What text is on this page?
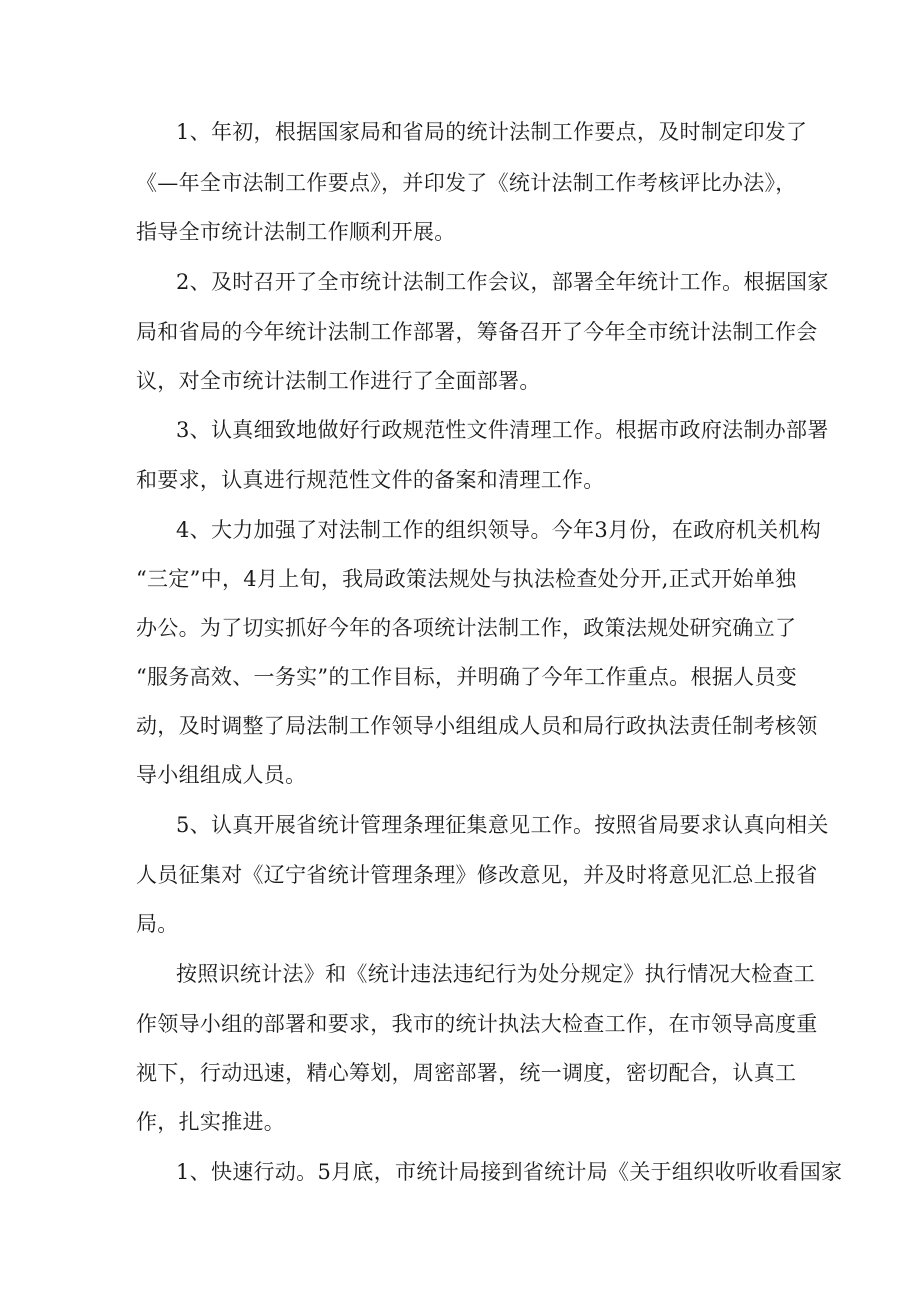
1、年初，根据国家局和省局的统计法制工作要点，及时制定印发了
《—年全市法制工作要点》，并印发了《统计法制工作考核评比办法》，
指导全市统计法制工作顺利开展。
2、及时召开了全市统计法制工作会议，部署全年统计工作。根据国家
局和省局的今年统计法制工作部署，筹备召开了今年全市统计法制工作会
议，对全市统计法制工作进行了全面部署。
3、认真细致地做好行政规范性文件清理工作。根据市政府法制办部署
和要求，认真进行规范性文件的备案和清理工作。
4、大力加强了对法制工作的组织领导。今年3月份，在政府机关机构
“三定”中，4月上旬，我局政策法规处与执法检查处分开,正式开始单独
办公。为了切实抓好今年的各项统计法制工作，政策法规处研究确立了
“服务高效、一务实”的工作目标，并明确了今年工作重点。根据人员变
动，及时调整了局法制工作领导小组组成人员和局行政执法责任制考核领
导小组组成人员。
5、认真开展省统计管理条理征集意见工作。按照省局要求认真向相关
人员征集对《辽宁省统计管理条理》修改意见，并及时将意见汇总上报省
局。
按照识统计法》和《统计违法违纪行为处分规定》执行情况大检查工
作领导小组的部署和要求，我市的统计执法大检查工作，在市领导高度重
视下，行动迅速，精心筹划，周密部署，统一调度，密切配合，认真工
作，扎实推进。
1、快速行动。5月底，市统计局接到省统计局《关于组织收听收看国家
